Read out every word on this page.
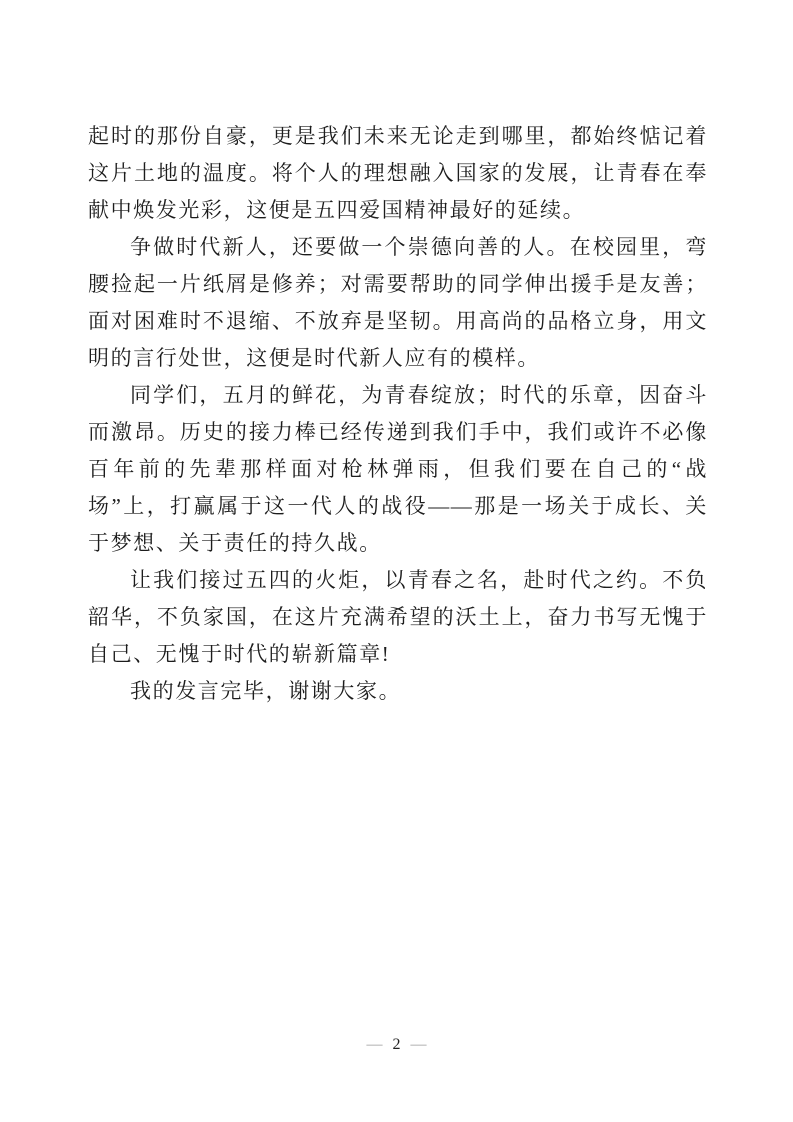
起时的那份自豪，更是我们未来无论走到哪里，都始终惦记着这片土地的温度。将个人的理想融入国家的发展，让青春在奉献中焕发光彩，这便是五四爱国精神最好的延续。

争做时代新人，还要做一个崇德向善的人。在校园里，弯腰捡起一片纸屑是修养；对需要帮助的同学伸出援手是友善；面对困难时不退缩、不放弃是坚韧。用高尚的品格立身，用文明的言行处世，这便是时代新人应有的模样。

同学们，五月的鲜花，为青春绽放；时代的乐章，因奋斗而激昂。历史的接力棒已经传递到我们手中，我们或许不必像百年前的先辈那样面对枪林弹雨，但我们要在自己的“战场”上，打赢属于这一代人的战役——那是一场关于成长、关于梦想、关于责任的持久战。

让我们接过五四的火炬，以青春之名，赴时代之约。不负韶华，不负家国，在这片充满希望的沃土上，奋力书写无愧于自己、无愧于时代的崭新篇章!

我的发言完毕，谢谢大家。

— 2 —
